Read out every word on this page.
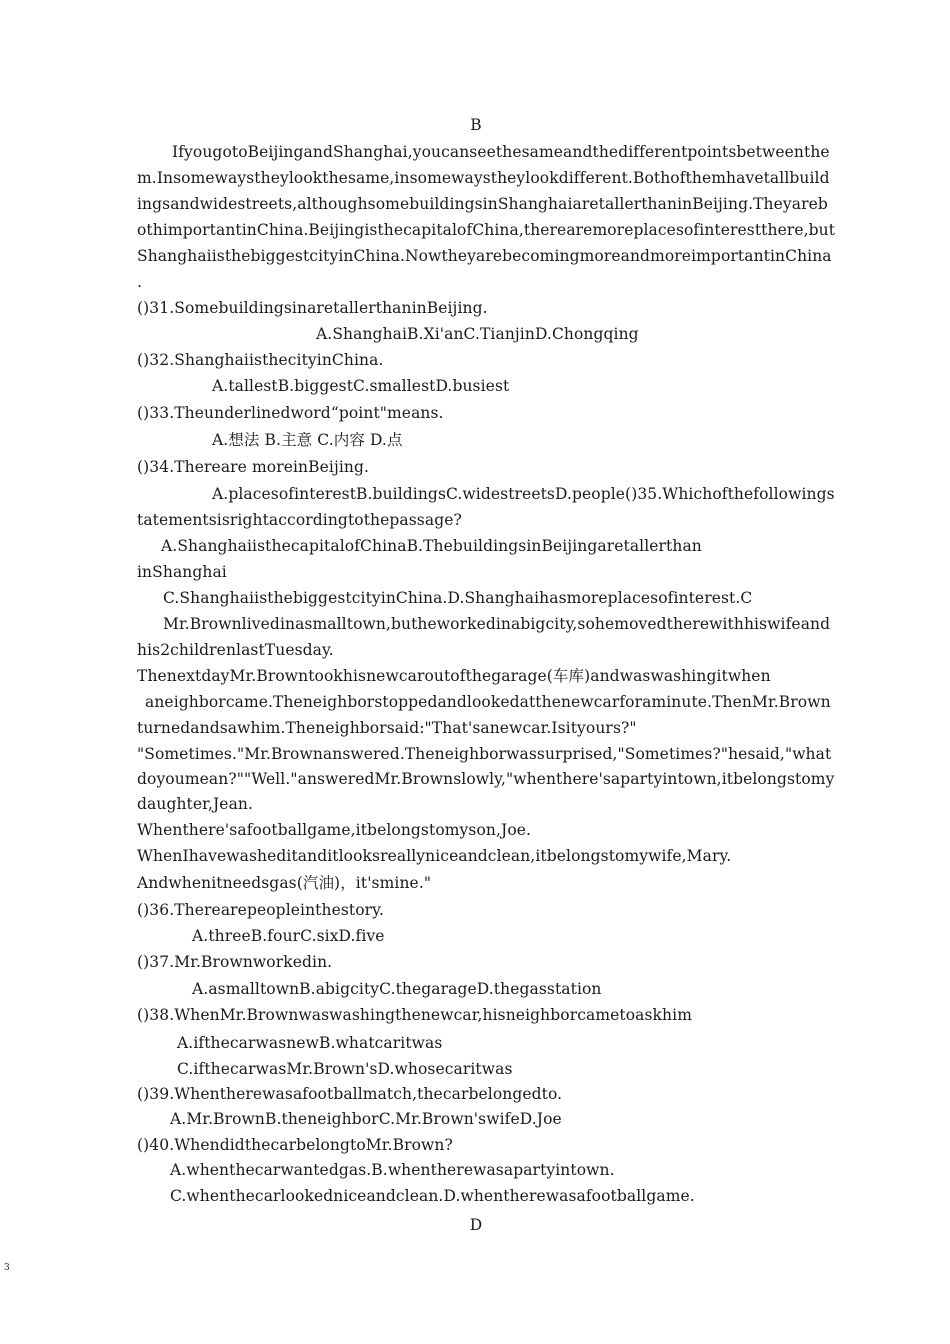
B
IfyougotoBeijingandShanghai,youcanseethesameandthedifferentpointsbetweenthe
m.Insomewaystheylookthesame,insomewaystheylookdifferent.Bothofthemhavetallbuild
ingsandwidestreets,althoughsomebuildingsinShanghaiaretallerthaninBeijing.Theyareb
othimportantinChina.BeijingisthecapitalofChina,therearemoreplacesofinterestthere,but
ShanghaiisthebiggestcityinChina.NowtheyarebecomingmoreandmoreimportantinChina
.
()31.SomebuildingsinaretallerthaninBeijing.
A.ShanghaiB.Xi'anC.TianjinD.Chongqing
()32.ShanghaiisthecityinChina.
A.tallestB.biggestC.smallestD.busiest
()33.Theunderlinedword“point"means.
A.想法 B.主意 C.内容 D.点
()34.Thereare moreinBeijing.
A.placesofinterestB.buildingsC.widestreetsD.people()35.Whichofthefollowings
tatementsisrightaccordingtothepassage?
A.ShanghaiisthecapitalofChinaB.ThebuildingsinBeijingaretallerthan
inShanghai
C.ShanghaiisthebiggestcityinChina.D.Shanghaihasmoreplacesofinterest.C
Mr.Brownlivedinasmalltown,butheworkedinabigcity,sohemovedtherewithhiswifeand
his2childrenlastTuesday.
ThenextdayMr.Browntookhisnewcaroutofthegarage(车库)andwaswashingitwhen
aneighborcame.Theneighborstoppedandlookedatthenewcarforaminute.ThenMr.Brown
turnedandsawhim.Theneighborsaid:"That'sanewcar.Isityours?"
"Sometimes."Mr.Brownanswered.Theneighborwassurprised,"Sometimes?"hesaid,"what
doyoumean?""Well."answeredMr.Brownslowly,"whenthere'sapartyintown,itbelongstomy
daughter,Jean.
Whenthere'safootballgame,itbelongstomyson,Joe.
WhenIhavewasheditanditlooksreallyniceandclean,itbelongstomywife,Mary.
Andwhenitneedsgas(汽油)，it'smine."
()36.Therearepeopleinthestory.
A.threeB.fourC.sixD.five
()37.Mr.Brownworkedin.
A.asmalltownB.abigcityC.thegarageD.thegasstation
()38.WhenMr.Brownwaswashingthenewcar,hisneighborcametoaskhim
A.ifthecarwasnewB.whatcaritwas
C.ifthecarwasMr.Brown'sD.whosecaritwas
()39.Whentherewasafootballmatch,thecarbelongedto.
A.Mr.BrownB.theneighborC.Mr.Brown'swifeD.Joe
()40.WhendidthecarbelongtoMr.Brown?
A.whenthecarwantedgas.B.whentherewasapartyintown.
C.whenthecarlookedniceandclean.D.whentherewasafootballgame.
D
3
